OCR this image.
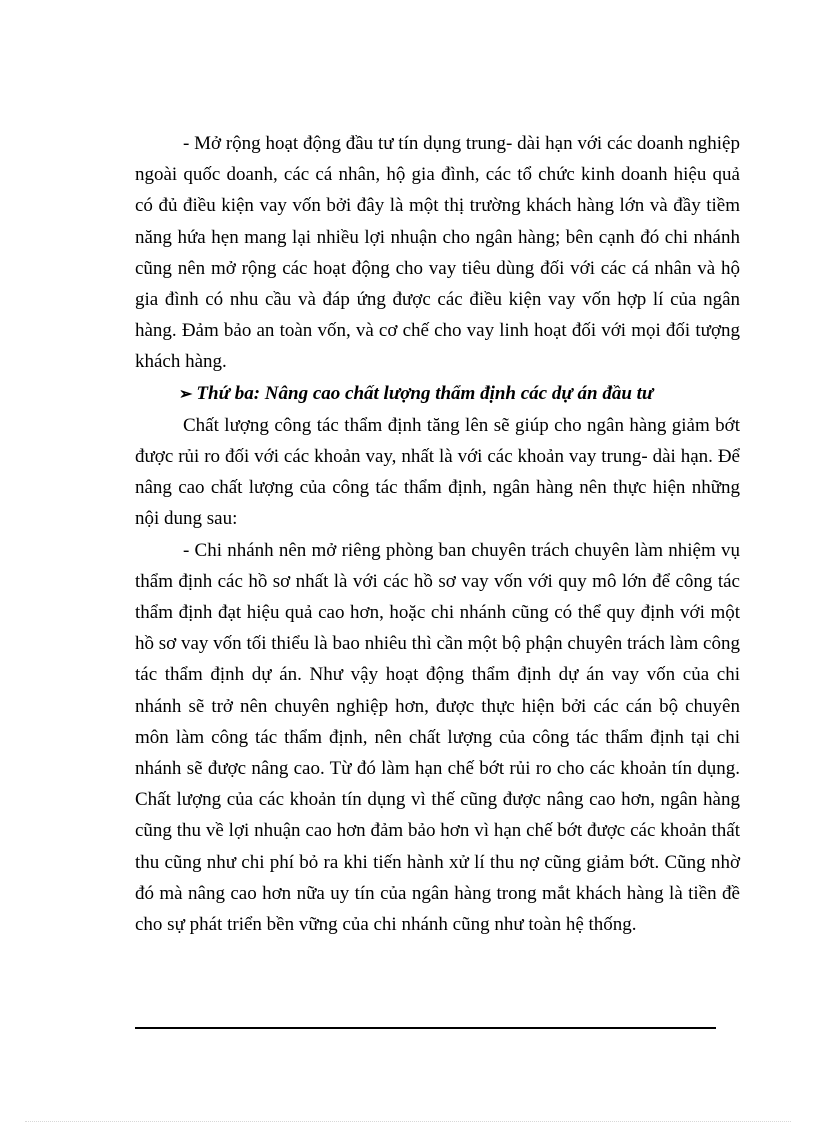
- Mở rộng hoạt động đầu tư tín dụng trung- dài hạn với các doanh nghiệp ngoài quốc doanh, các cá nhân, hộ gia đình, các tổ chức kinh doanh hiệu quả có đủ điều kiện vay vốn bởi đây là một thị trường khách hàng lớn và đầy tiềm năng hứa hẹn mang lại nhiều lợi nhuận cho ngân hàng; bên cạnh đó chi nhánh cũng nên mở rộng các hoạt động cho vay tiêu dùng đối với các cá nhân và hộ gia đình có nhu cầu và đáp ứng được các điều kiện vay vốn hợp lí của ngân hàng. Đảm bảo an toàn vốn, và cơ chế cho vay linh hoạt đối với mọi đối tượng khách hàng.

➢ Thứ ba: Nâng cao chất lượng thẩm định các dự án đầu tư

Chất lượng công tác thẩm định tăng lên sẽ giúp cho ngân hàng giảm bớt được rủi ro đối với các khoản vay, nhất là với các khoản vay trung- dài hạn. Để nâng cao chất lượng của công tác thẩm định, ngân hàng nên thực hiện những nội dung sau:

- Chi nhánh nên mở riêng phòng ban chuyên trách chuyên làm nhiệm vụ thẩm định các hồ sơ nhất là với các hồ sơ vay vốn với quy mô lớn để công tác thẩm định đạt hiệu quả cao hơn, hoặc chi nhánh cũng có thể quy định với một hồ sơ vay vốn tối thiểu là bao nhiêu thì cần một bộ phận chuyên trách làm công tác thẩm định dự án. Như vậy hoạt động thẩm định dự án vay vốn của chi nhánh sẽ trở nên chuyên nghiệp hơn, được thực hiện bởi các cán bộ chuyên môn làm công tác thẩm định, nên chất lượng của công tác thẩm định tại chi nhánh sẽ được nâng cao. Từ đó làm hạn chế bớt rủi ro cho các khoản tín dụng. Chất lượng của các khoản tín dụng vì thế cũng được nâng cao hơn, ngân hàng cũng thu về lợi nhuận cao hơn đảm bảo hơn vì hạn chế bớt được các khoản thất thu cũng như chi phí bỏ ra khi tiến hành xử lí thu nợ cũng giảm bớt. Cũng nhờ đó mà nâng cao hơn nữa uy tín của ngân hàng trong mắt khách hàng là tiền đề cho sự phát triển bền vững của chi nhánh cũng như toàn hệ thống.
